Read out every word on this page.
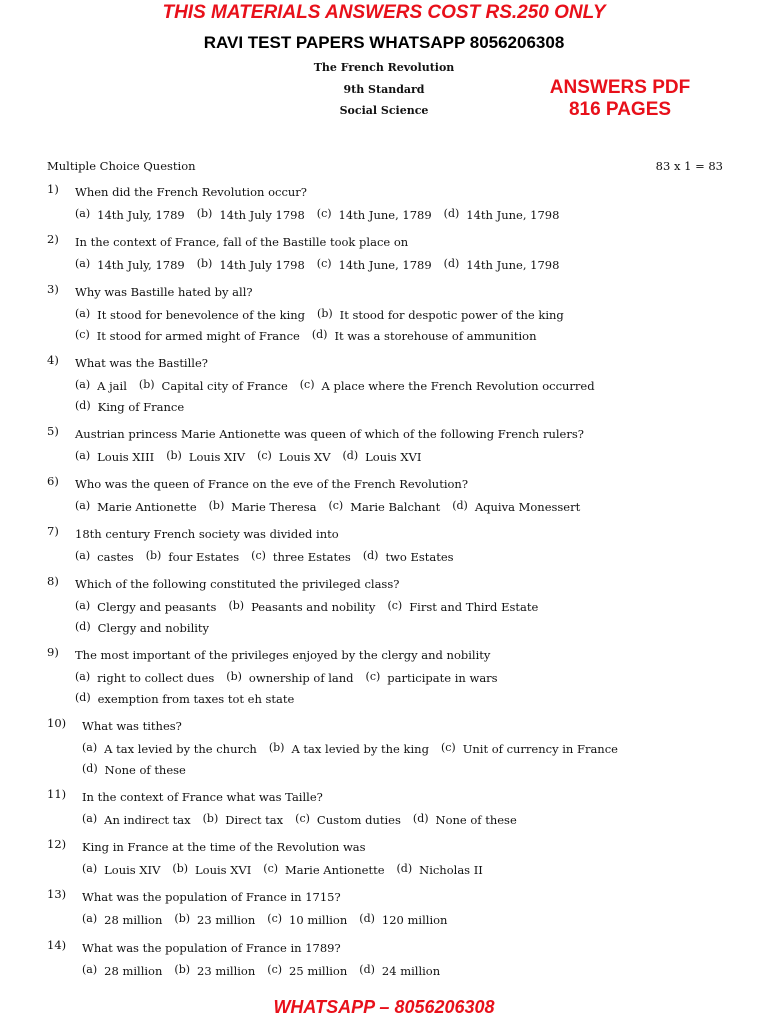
THIS MATERIALS ANSWERS COST RS.250 ONLY
RAVI TEST PAPERS WHATSAPP 8056206308
The French Revolution
9th Standard
Social Science
ANSWERS PDF
816 PAGES
Multiple Choice Question	83 x 1 = 83
1) When did the French Revolution occur?
(a) 14th July, 1789 (b) 14th July 1798 (c) 14th June, 1789 (d) 14th June, 1798
2) In the context of France, fall of the Bastille took place on
(a) 14th July, 1789 (b) 14th July 1798 (c) 14th June, 1789 (d) 14th June, 1798
3) Why was Bastille hated by all?
(a) It stood for benevolence of the king (b) It stood for despotic power of the king
(c) It stood for armed might of France (d) It was a storehouse of ammunition
4) What was the Bastille?
(a) A jail (b) Capital city of France (c) A place where the French Revolution occurred
(d) King of France
5) Austrian princess Marie Antionette was queen of which of the following French rulers?
(a) Louis XIII (b) Louis XIV (c) Louis XV (d) Louis XVI
6) Who was the queen of France on the eve of the French Revolution?
(a) Marie Antionette (b) Marie Theresa (c) Marie Balchant (d) Aquiva Monessert
7) 18th century French society was divided into
(a) castes (b) four Estates (c) three Estates (d) two Estates
8) Which of the following constituted the privileged class?
(a) Clergy and peasants (b) Peasants and nobility (c) First and Third Estate
(d) Clergy and nobility
9) The most important of the privileges enjoyed by the clergy and nobility
(a) right to collect dues (b) ownership of land (c) participate in wars
(d) exemption from taxes tot eh state
10) What was tithes?
(a) A tax levied by the church (b) A tax levied by the king (c) Unit of currency in France
(d) None of these
11) In the context of France what was Taille?
(a) An indirect tax (b) Direct tax (c) Custom duties (d) None of these
12) King in France at the time of the Revolution was
(a) Louis XIV (b) Louis XVI (c) Marie Antionette (d) Nicholas II
13) What was the population of France in 1715?
(a) 28 million (b) 23 million (c) 10 million (d) 120 million
14) What was the population of France in 1789?
(a) 28 million (b) 23 million (c) 25 million (d) 24 million
WHATSAPP – 8056206308
